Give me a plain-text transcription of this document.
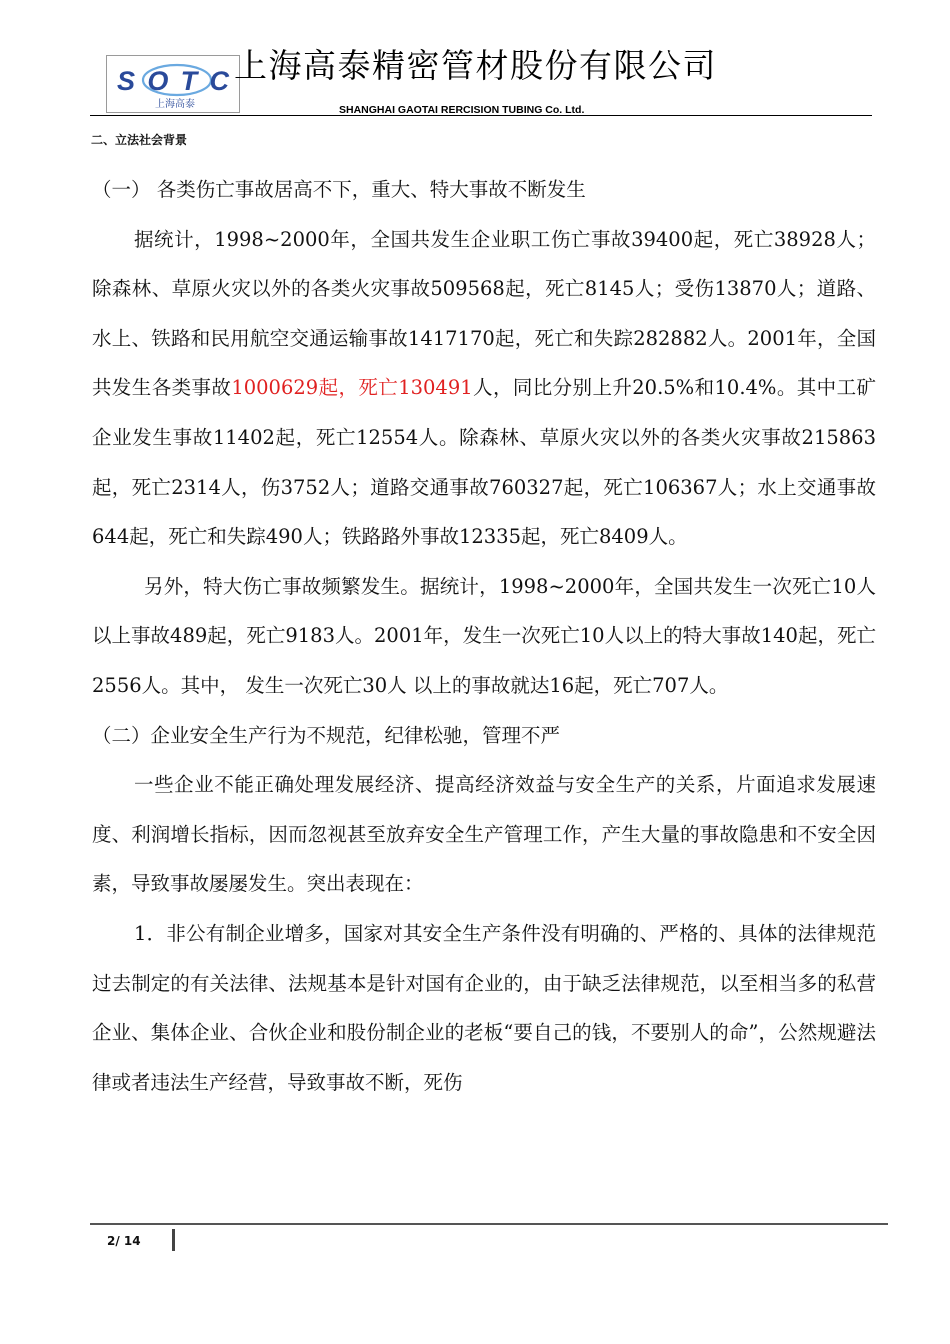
SOTC
上海高泰
上海高泰精密管材股份有限公司
SHANGHAI GAOTAI RERCISION TUBING Co. Ltd.
二、立法社会背景

（一） 各类伤亡事故居高不下，重大、特大事故不断发生

据统计，1998~2000年，全国共发生企业职工伤亡事故39400起，死亡38928人；除森林、草原火灾以外的各类火灾事故509568起，死亡8145人；受伤13870人；道路、水上、铁路和民用航空交通运输事故1417170起，死亡和失踪282882人。2001年，全国共发生各类事故1000629起，死亡130491人，同比分别上升20.5%和10.4%。其中工矿企业发生事故11402起，死亡12554人。除森林、草原火灾以外的各类火灾事故215863起，死亡2314人，伤3752人；道路交通事故760327起，死亡106367人；水上交通事故644起，死亡和失踪490人；铁路路外事故12335起，死亡8409人。

另外，特大伤亡事故频繁发生。据统计，1998~2000年，全国共发生一次死亡10人以上事故489起，死亡9183人。2001年，发生一次死亡10人以上的特大事故140起，死亡2556人。其中， 发生一次死亡30人 以上的事故就达16起，死亡707人。

（二）企业安全生产行为不规范，纪律松驰，管理不严

一些企业不能正确处理发展经济、提高经济效益与安全生产的关系，片面追求发展速度、利润增长指标，因而忽视甚至放弃安全生产管理工作，产生大量的事故隐患和不安全因素，导致事故屡屡发生。突出表现在：

1．非公有制企业增多，国家对其安全生产条件没有明确的、严格的、具体的法律规范过去制定的有关法律、法规基本是针对国有企业的，由于缺乏法律规范，以至相当多的私营企业、集体企业、合伙企业和股份制企业的老板“要自己的钱，不要别人的命”，公然规避法律或者违法生产经营，导致事故不断，死伤

2/ 14
